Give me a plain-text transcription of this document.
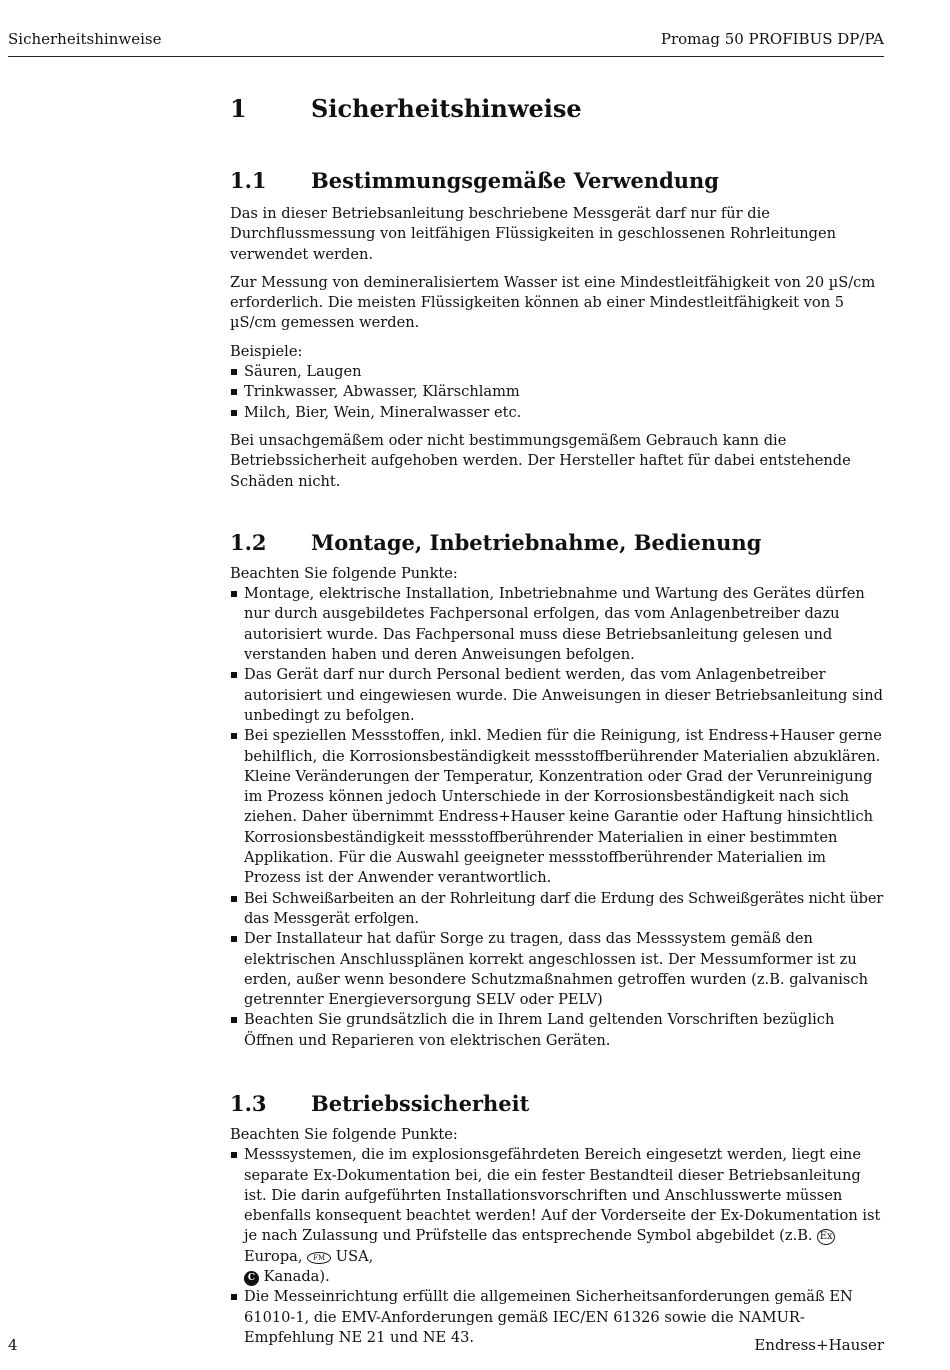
Sicherheitshinweise	Promag 50 PROFIBUS DP/PA
1	Sicherheitshinweise
1.1	Bestimmungsgemäße Verwendung

Das in dieser Betriebsanleitung beschriebene Messgerät darf nur für die Durchflussmessung von leitfähigen Flüssigkeiten in geschlossenen Rohrleitungen verwendet werden.

Zur Messung von demineralisiertem Wasser ist eine Mindestleitfähigkeit von 20 µS/cm erforderlich. Die meisten Flüssigkeiten können ab einer Mindestleitfähigkeit von 5 µS/cm gemessen werden.

Beispiele:

Säuren, Laugen
Trinkwasser, Abwasser, Klärschlamm
Milch, Bier, Wein, Mineralwasser etc.

Bei unsachgemäßem oder nicht bestimmungsgemäßem Gebrauch kann die Betriebssicherheit aufgehoben werden. Der Hersteller haftet für dabei entstehende Schäden nicht.

1.2	Montage, Inbetriebnahme, Bedienung

Beachten Sie folgende Punkte:

Montage, elektrische Installation, Inbetriebnahme und Wartung des Gerätes dürfen nur durch ausgebildetes Fachpersonal erfolgen, das vom Anlagenbetreiber dazu autorisiert wurde. Das Fachpersonal muss diese Betriebsanleitung gelesen und verstanden haben und deren Anweisungen befolgen.
Das Gerät darf nur durch Personal bedient werden, das vom Anlagenbetreiber autorisiert und eingewiesen wurde. Die Anweisungen in dieser Betriebsanleitung sind unbedingt zu befolgen.
Bei speziellen Messstoffen, inkl. Medien für die Reinigung, ist Endress+Hauser gerne behilflich, die Korrosionsbeständigkeit messstoffberührender Materialien abzuklären. Kleine Veränderungen der Temperatur, Konzentration oder Grad der Verunreinigung im Prozess können jedoch Unterschiede in der Korrosionsbeständigkeit nach sich ziehen. Daher übernimmt Endress+Hauser keine Garantie oder Haftung hinsichtlich Korrosionsbeständigkeit messstoffberührender Materialien in einer bestimmten Applikation. Für die Auswahl geeigneter messstoffberührender Materialien im Prozess ist der Anwender verantwortlich.
Bei Schweißarbeiten an der Rohrleitung darf die Erdung des Schweißgerätes nicht über das Messgerät erfolgen.
Der Installateur hat dafür Sorge zu tragen, dass das Messsystem gemäß den elektrischen Anschlussplänen korrekt angeschlossen ist. Der Messumformer ist zu erden, außer wenn besondere Schutzmaßnahmen getroffen wurden (z.B. galvanisch getrennter Energieversorgung SELV oder PELV)
Beachten Sie grundsätzlich die in Ihrem Land geltenden Vorschriften bezüglich Öffnen und Reparieren von elektrischen Geräten.
1.3	Betriebssicherheit

Beachten Sie folgende Punkte:

Messsystemen, die im explosionsgefährdeten Bereich eingesetzt werden, liegt eine separate Ex-Dokumentation bei, die ein fester Bestandteil dieser Betriebsanleitung ist. Die darin aufgeführten Installationsvorschriften und Anschlusswerte müssen ebenfalls konsequent beachtet werden! Auf der Vorderseite der Ex-Dokumentation ist je nach Zulassung und Prüfstelle das entsprechende Symbol abgebildet (z.B. Ex Europa, FM USA,
C Kanada).
Die Messeinrichtung erfüllt die allgemeinen Sicherheitsanforderungen gemäß EN 61010-1, die EMV-Anforderungen gemäß IEC/EN 61326 sowie die NAMUR-Empfehlung NE 21 und NE 43.
4	Endress+Hauser
